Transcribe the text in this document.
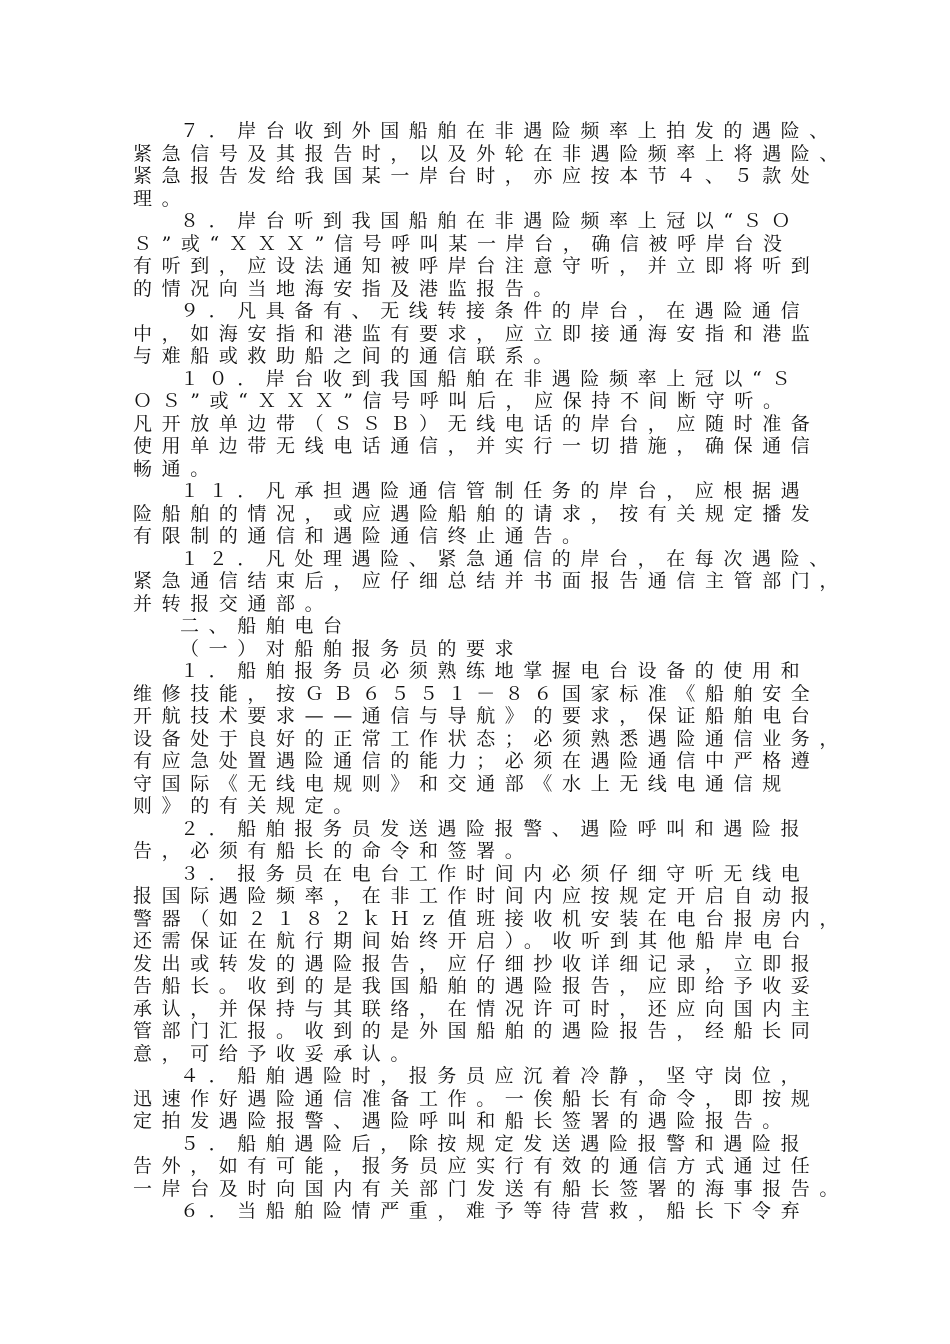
７．岸台收到外国船舶在非遇险频率上拍发的遇险、
紧急信号及其报告时，以及外轮在非遇险频率上将遇险、
紧急报告发给我国某一岸台时，亦应按本节４、５款处
理。
８．岸台听到我国船舶在非遇险频率上冠以“ＳＯ
Ｓ”或“ＸＸＸ”信号呼叫某一岸台，确信被呼岸台没
有听到，应设法通知被呼岸台注意守听，并立即将听到
的情况向当地海安指及港监报告。
９．凡具备有、无线转接条件的岸台，在遇险通信
中，如海安指和港监有要求，应立即接通海安指和港监
与难船或救助船之间的通信联系。
１０．岸台收到我国船舶在非遇险频率上冠以“Ｓ
ＯＳ”或“ＸＸＸ”信号呼叫后，应保持不间断守听。
凡开放单边带（ＳＳＢ）无线电话的岸台，应随时准备
使用单边带无线电话通信，并实行一切措施，确保通信
畅通。
１１．凡承担遇险通信管制任务的岸台，应根据遇
险船舶的情况，或应遇险船舶的请求，按有关规定播发
有限制的通信和遇险通信终止通告。
１２．凡处理遇险、紧急通信的岸台，在每次遇险、
紧急通信结束后，应仔细总结并书面报告通信主管部门，
并转报交通部。
二、船舶电台
（一）对船舶报务员的要求
１．船舶报务员必须熟练地掌握电台设备的使用和
维修技能，按ＧＢ６５５１－８６国家标准《船舶安全
开航技术要求——通信与导航》的要求，保证船舶电台
设备处于良好的正常工作状态；必须熟悉遇险通信业务，
有应急处置遇险通信的能力；必须在遇险通信中严格遵
守国际《无线电规则》和交通部《水上无线电通信规
则》的有关规定。
２．船舶报务员发送遇险报警、遇险呼叫和遇险报
告，必须有船长的命令和签署。
３．报务员在电台工作时间内必须仔细守听无线电
报国际遇险频率，在非工作时间内应按规定开启自动报
警器（如２１８２ｋＨｚ值班接收机安装在电台报房内，
还需保证在航行期间始终开启）。收听到其他船岸电台
发出或转发的遇险报告，应仔细抄收详细记录，立即报
告船长。收到的是我国船舶的遇险报告，应即给予收妥
承认，并保持与其联络，在情况许可时，还应向国内主
管部门汇报。收到的是外国船舶的遇险报告，经船长同
意，可给予收妥承认。
４．船舶遇险时，报务员应沉着冷静，坚守岗位，
迅速作好遇险通信准备工作。一俟船长有命令，即按规
定拍发遇险报警、遇险呼叫和船长签署的遇险报告。
５．船舶遇险后，除按规定发送遇险报警和遇险报
告外，如有可能，报务员应实行有效的通信方式通过任
一岸台及时向国内有关部门发送有船长签署的海事报告。
６．当船舶险情严重，难予等待营救，船长下令弃
